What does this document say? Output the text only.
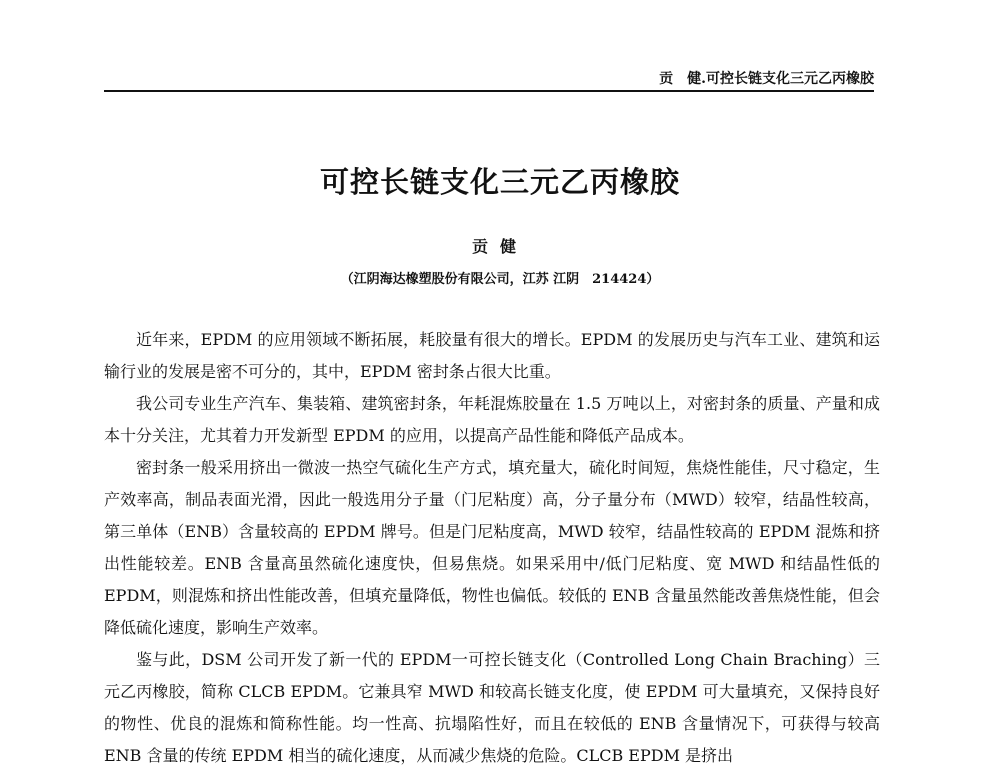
贡　健.可控长链支化三元乙丙橡胶
可控长链支化三元乙丙橡胶
贡健
（江阴海达橡塑股份有限公司，江苏 江阴　214424）

近年来，EPDM 的应用领域不断拓展，耗胶量有很大的增长。EPDM 的发展历史与汽车工业、建筑和运输行业的发展是密不可分的，其中，EPDM 密封条占很大比重。

我公司专业生产汽车、集装箱、建筑密封条，年耗混炼胶量在 1.5 万吨以上，对密封条的质量、产量和成本十分关注，尤其着力开发新型 EPDM 的应用，以提高产品性能和降低产品成本。

密封条一般采用挤出一微波一热空气硫化生产方式，填充量大，硫化时间短，焦烧性能佳，尺寸稳定，生产效率高，制品表面光滑，因此一般选用分子量（门尼粘度）高，分子量分布（MWD）较窄，结晶性较高，第三单体（ENB）含量较高的 EPDM 牌号。但是门尼粘度高，MWD 较窄，结晶性较高的 EPDM 混炼和挤出性能较差。ENB 含量高虽然硫化速度快，但易焦烧。如果采用中/低门尼粘度、宽 MWD 和结晶性低的 EPDM，则混炼和挤出性能改善，但填充量降低，物性也偏低。较低的 ENB 含量虽然能改善焦烧性能，但会降低硫化速度，影响生产效率。

鉴与此，DSM 公司开发了新一代的 EPDM一可控长链支化（Controlled Long Chain Braching）三元乙丙橡胶，简称 CLCB EPDM。它兼具窄 MWD 和较高长链支化度，使 EPDM 可大量填充，又保持良好的物性、优良的混炼和简称性能。均一性高、抗塌陷性好，而且在较低的 ENB 含量情况下，可获得与较高 ENB 含量的传统 EPDM 相当的硫化速度，从而减少焦烧的危险。CLCB EPDM 是挤出
